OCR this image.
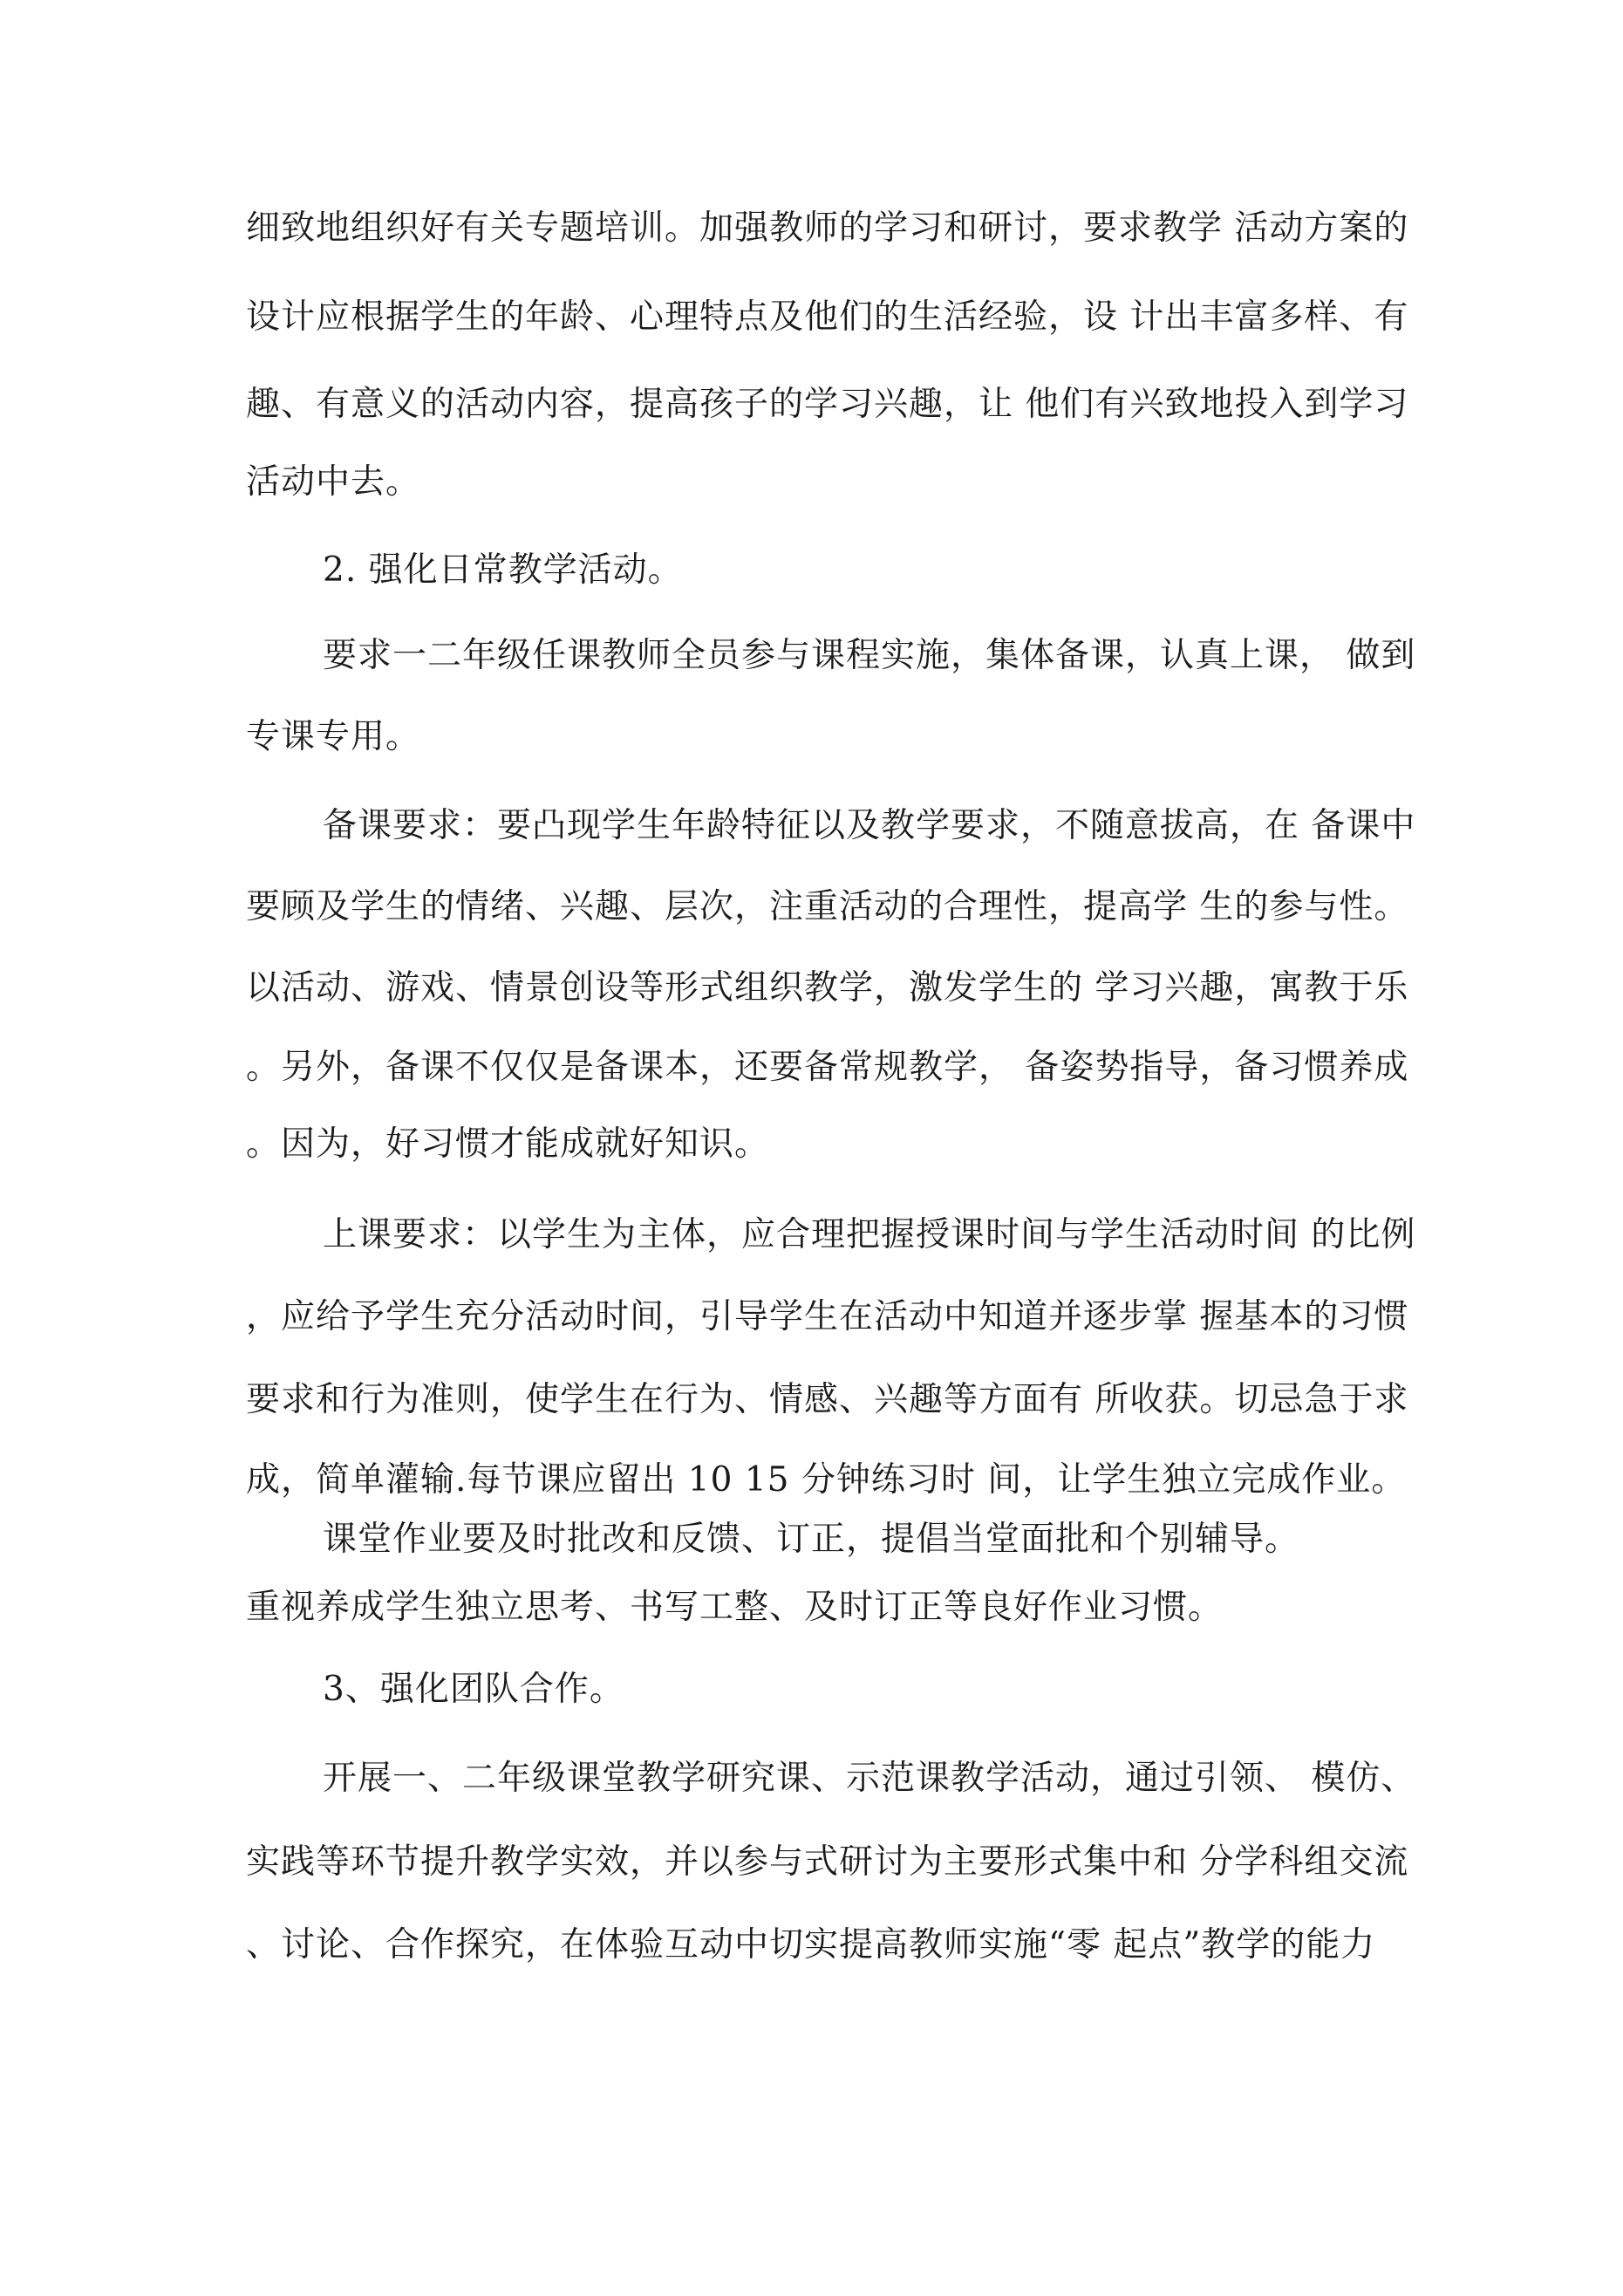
细致地组织好有关专题培训。加强教师的学习和研讨，要求教学 活动方案的
设计应根据学生的年龄、心理特点及他们的生活经验，设 计出丰富多样、有
趣、有意义的活动内容，提高孩子的学习兴趣，让 他们有兴致地投入到学习
活动中去。
2. 强化日常教学活动。
要求一二年级任课教师全员参与课程实施，集体备课，认真上课， 做到
专课专用。
备课要求：要凸现学生年龄特征以及教学要求，不随意拔高，在 备课中
要顾及学生的情绪、兴趣、层次，注重活动的合理性，提高学 生的参与性。
以活动、游戏、情景创设等形式组织教学，激发学生的 学习兴趣，寓教于乐
。另外，备课不仅仅是备课本，还要备常规教学， 备姿势指导，备习惯养成
。因为，好习惯才能成就好知识。
上课要求：以学生为主体，应合理把握授课时间与学生活动时间 的比例
，应给予学生充分活动时间，引导学生在活动中知道并逐步掌 握基本的习惯
要求和行为准则，使学生在行为、情感、兴趣等方面有 所收获。切忌急于求
成，简单灌输.每节课应留出 10 15 分钟练习时 间，让学生独立完成作业。
课堂作业要及时批改和反馈、订正，提倡当堂面批和个别辅导。
重视养成学生独立思考、书写工整、及时订正等良好作业习惯。
3、强化团队合作。
开展一、二年级课堂教学研究课、示范课教学活动，通过引领、 模仿、
实践等环节提升教学实效，并以参与式研讨为主要形式集中和 分学科组交流
、讨论、合作探究，在体验互动中切实提高教师实施“零 起点”教学的能力
